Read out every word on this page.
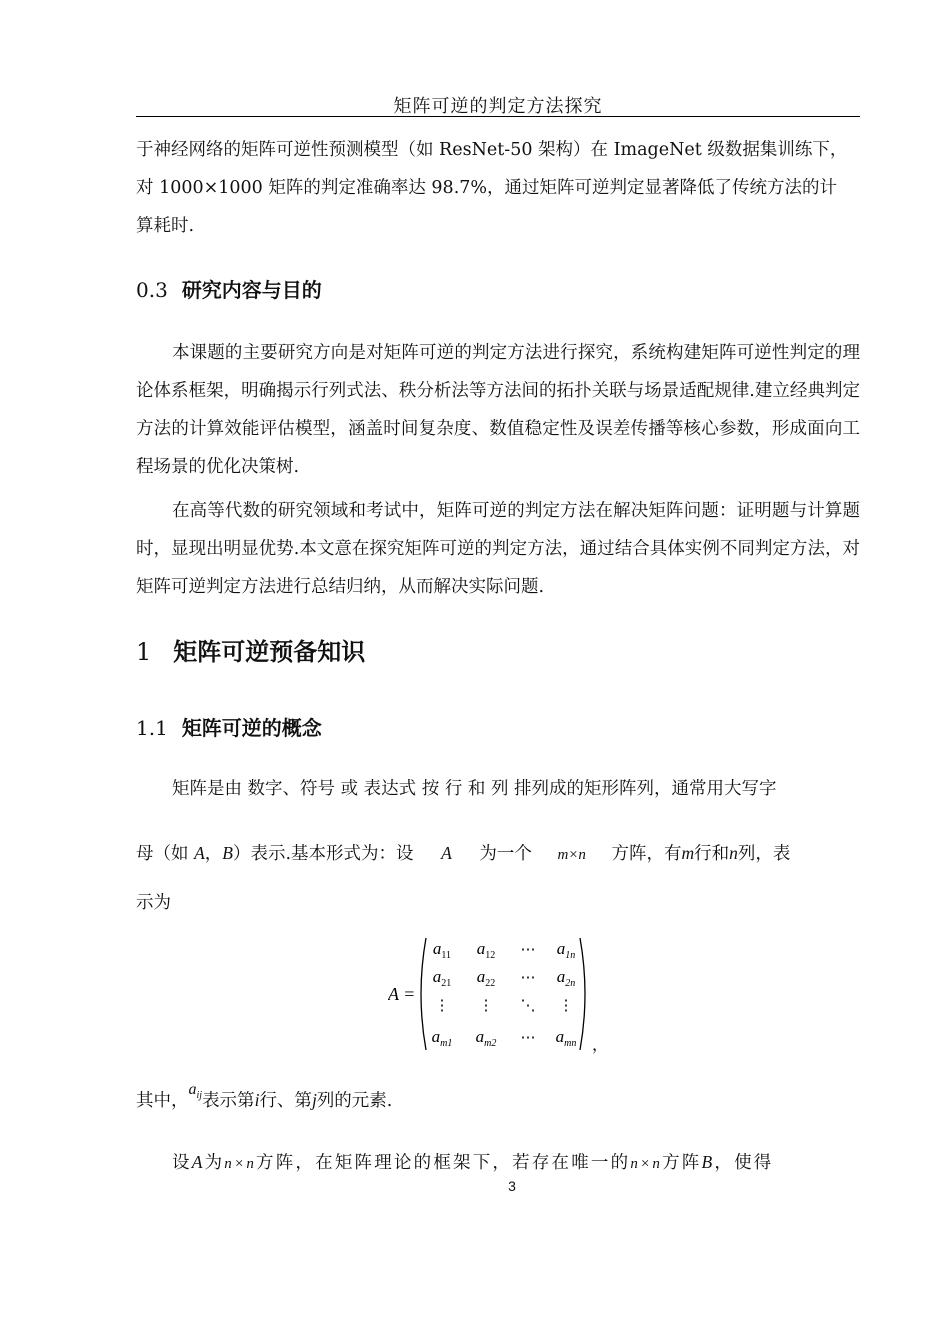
矩阵可逆的判定方法探究
于神经网络的矩阵可逆性预测模型（如 ResNet-50 架构）在 ImageNet 级数据集训练下，
对 1000×1000 矩阵的判定准确率达 98.7%，通过矩阵可逆判定显著降低了传统方法的计
算耗时.
0.3 研究内容与目的
本课题的主要研究方向是对矩阵可逆的判定方法进行探究，系统构建矩阵可逆性判定的理论体系框架，明确揭示行列式法、秩分析法等方法间的拓扑关联与场景适配规律.建立经典判定方法的计算效能评估模型，涵盖时间复杂度、数值稳定性及误差传播等核心参数，形成面向工程场景的优化决策树.
在高等代数的研究领域和考试中，矩阵可逆的判定方法在解决矩阵问题：证明题与计算题时，显现出明显优势.本文意在探究矩阵可逆的判定方法，通过结合具体实例不同判定方法，对矩阵可逆判定方法进行总结归纳，从而解决实际问题.
1 矩阵可逆预备知识
1.1 矩阵可逆的概念
矩阵是由 数字、符号 或 表达式 按 行 和 列 排列成的矩形阵列，通常用大写字
母（如 A，B）表示.基本形式为：设 A 为一个 m×n 方阵，有m行和n列，表
示为
A =
$a_{11}$ $a_{12}$ ⋯ $a_{1n}$
$a_{21}$ $a_{22}$ ⋯ $a_{2n}$
⋮ ⋮ ⋱ ⋮
$a_{m1}$ $a_{m2}$ ⋯ $a_{mn}$ ，
其中，$a_{ij}$表示第i行、第j列的元素.
设A为n×n方阵，在矩阵理论的框架下，若存在唯一的n×n方阵B，使得
3
